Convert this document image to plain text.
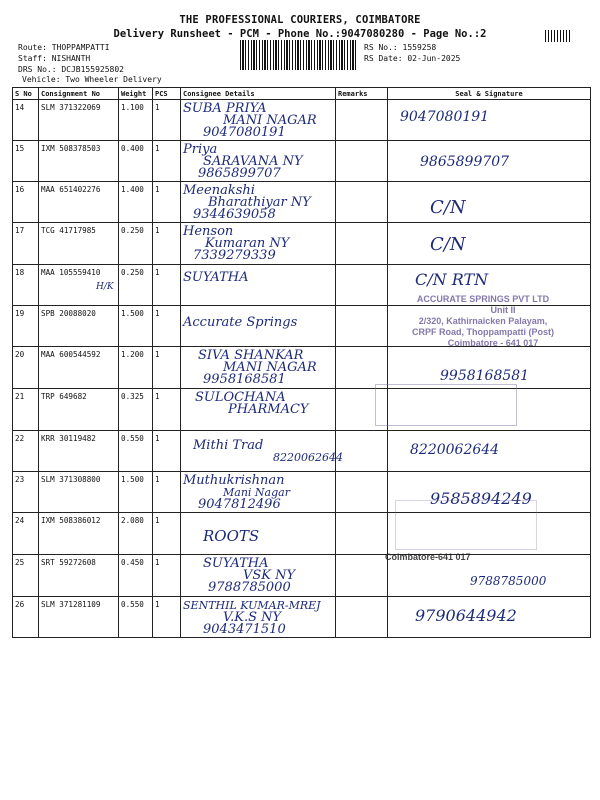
THE PROFESSIONAL COURIERS, COIMBATORE
Delivery Runsheet - PCM - Phone No.:9047080280 - Page No.:2
Route: THOPPAMPATTI
Staff: NISHANTH
DRS No.: DCJB155925802
Vehicle: Two Wheeler Delivery
RS No.: 1559258
RS Date: 02-Jun-2025
S No	Consignment No	Weight	PCS	Consignee Details	Remarks	Seal & Signature
14	SLM 371322069	1.100	1	SUBA PRIYA
MANI NAGAR
9047080191		9047080191

15	IXM 508378503	0.400	1	Priya
SARAVANA NY
9865899707		9865899707

16	MAA 651402276	1.400	1	Meenakshi
Bharathiyar NY
9344639058		C/N

17	TCG 41717985	0.250	1	Henson
Kumaran NY
7339279339		C/N

18	MAA 105559410	0.250	1	SUYATHA		C/N RTN

19	SPB 20088020	1.500	1	Accurate Springs		

20	MAA 600544592	1.200	1	SIVA SHANKAR
MANI NAGAR
9958168581		9958168581

21	TRP 649682	0.325	1	SULOCHANA
PHARMACY		

22	KRR 30119482	0.550	1	Mithi Trad
8220062644		8220062644

23	SLM 371308800	1.500	1	Muthukrishnan
Mani Nagar
9047812496		9585894249

24	IXM 508386012	2.080	1	ROOTS		

25	SRT 59272608	0.450	1	SUYATHA
VSK NY
9788785000		9788785000

26	SLM 371281109	0.550	1	SENTHIL KUMAR-MREJ
V.K.S NY
9043471510		9790644942
H/K
ACCURATE SPRINGS PVT LTD
Unit II
2/320, Kathirnaicken Palayam,
CRPF Road, Thoppampatti (Post)
Coimbatore - 641 017
Coimbatore-641 017
